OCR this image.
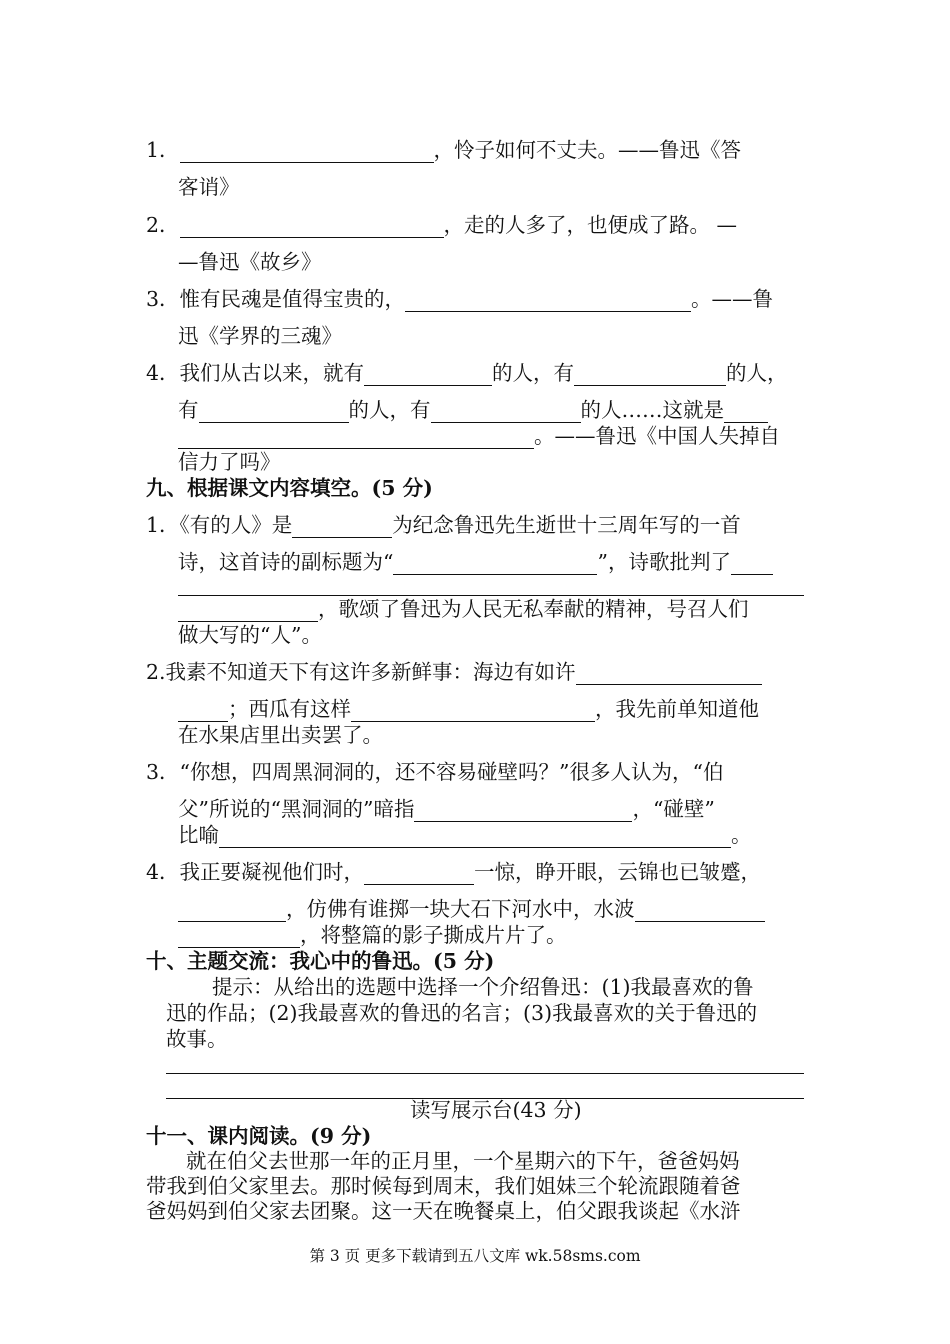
1．	，怜子如何不丈夫。——鲁迅《答
客诮》
2．	，走的人多了，也便成了路。 —
—鲁迅《故乡》
3．惟有民魂是值得宝贵的，	。——鲁
迅《学界的三魂》
4．我们从古以来，就有	的人，有	的人，
有	的人，有	的人……这就是
。——鲁迅《中国人失掉自
信力了吗》
九、根据课文内容填空。(5 分)
1．《有的人》是	为纪念鲁迅先生逝世十三周年写的一首
诗，这首诗的副标题为“	”，诗歌批判了
，歌颂了鲁迅为人民无私奉献的精神，号召人们
做大写的“人”。
2.我素不知道天下有这许多新鲜事：海边有如许
；西瓜有这样	，我先前单知道他
在水果店里出卖罢了。
3．“你想，四周黑洞洞的，还不容易碰壁吗？”很多人认为，“伯
父”所说的“黑洞洞的”暗指	，“碰壁”
比喻	。
4．我正要凝视他们时，	一惊，睁开眼，云锦也已皱蹙，
，仿佛有谁掷一块大石下河水中，水波
，将整篇的影子撕成片片了。
十、主题交流：我心中的鲁迅。(5 分)
提示：从给出的选题中选择一个介绍鲁迅：(1)我最喜欢的鲁
迅的作品；(2)我最喜欢的鲁迅的名言；(3)我最喜欢的关于鲁迅的
故事。
读写展示台(43 分)
十一、课内阅读。(9 分)
就在伯父去世那一年的正月里，一个星期六的下午，爸爸妈妈
带我到伯父家里去。那时候每到周末，我们姐妹三个轮流跟随着爸
爸妈妈到伯父家去团聚。这一天在晚餐桌上，伯父跟我谈起《水浒
第 3 页 更多下载请到五八文库 wk.58sms.com
